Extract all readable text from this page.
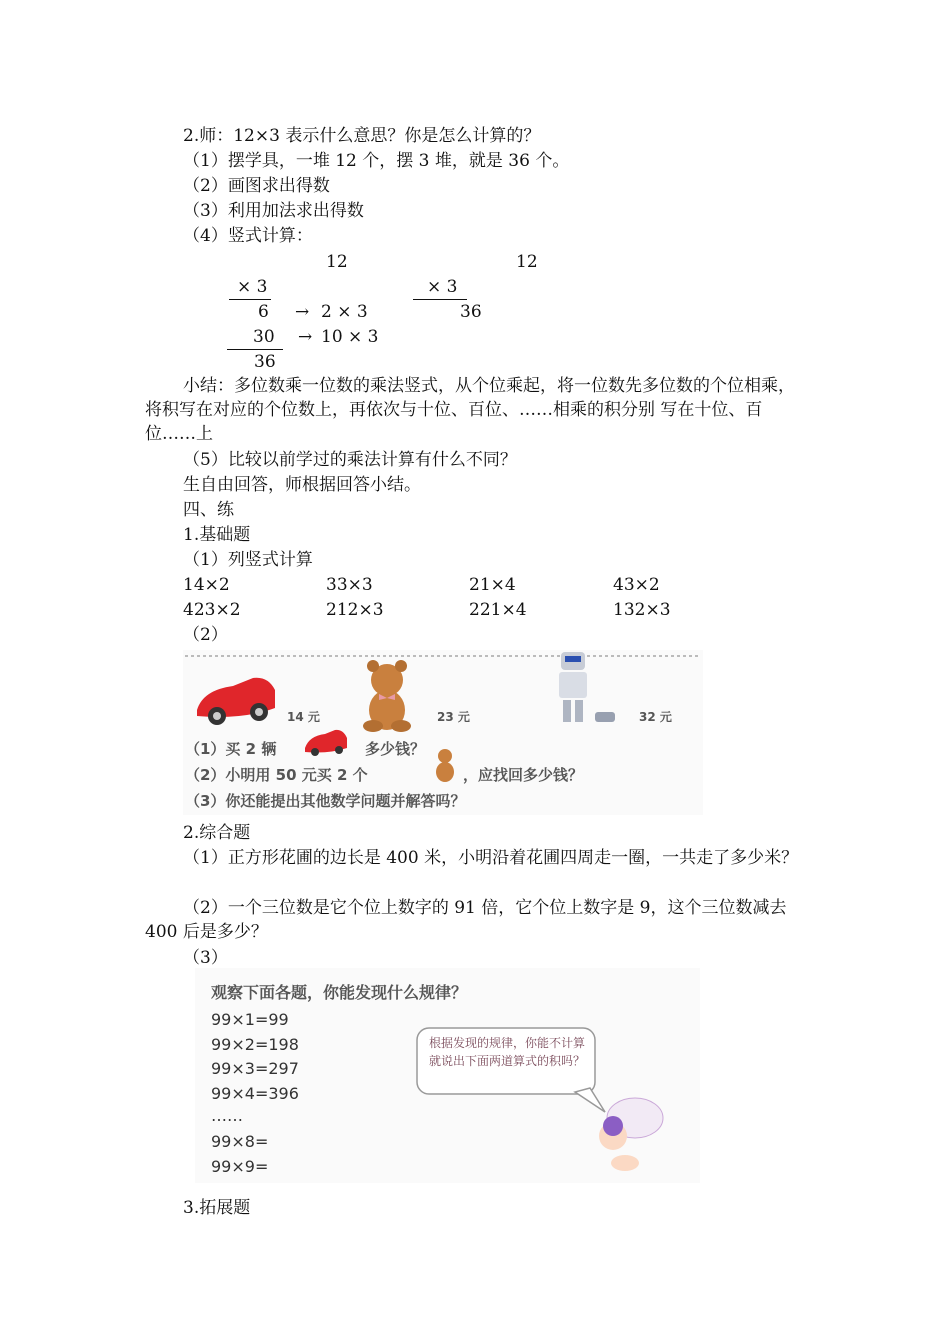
2.师：12×3 表示什么意思？你是怎么计算的？
（1）摆学具，一堆 12 个，摆 3 堆，就是 36 个。
（2）画图求出得数
（3）利用加法求出得数
（4）竖式计算：
12
× 3
6 → 2 × 3
30	→ 10 × 3
36
12
× 3
36
小结：多位数乘一位数的乘法竖式，从个位乘起，将一位数先多位数的个位相乘，将积写在对应的个位数上，再依次与十位、百位、……相乘的积分别 写在十位、百位……上
（5）比较以前学过的乘法计算有什么不同？
生自由回答，师根据回答小结。
四、练
1.基础题
（1）列竖式计算
14×2	33×3	21×4	43×2
423×2	212×3	221×4	132×3
（2）
14 元	23 元	32 元
（1）买 2 辆	多少钱？
（2）小明用 50 元买 2 个	，应找回多少钱？
（3）你还能提出其他数学问题并解答吗？
2.综合题
（1）正方形花圃的边长是 400 米，小明沿着花圃四周走一圈，一共走了多少米？
（2）一个三位数是它个位上数字的 91 倍，它个位上数字是 9，这个三位数减去 400 后是多少？
（3）
观察下面各题，你能发现什么规律？
99×1=99
99×2=198
99×3=297
99×4=396
……
99×8=
99×9=
根据发现的规律，你能不计算就说出下面两道算式的积吗？
3.拓展题
